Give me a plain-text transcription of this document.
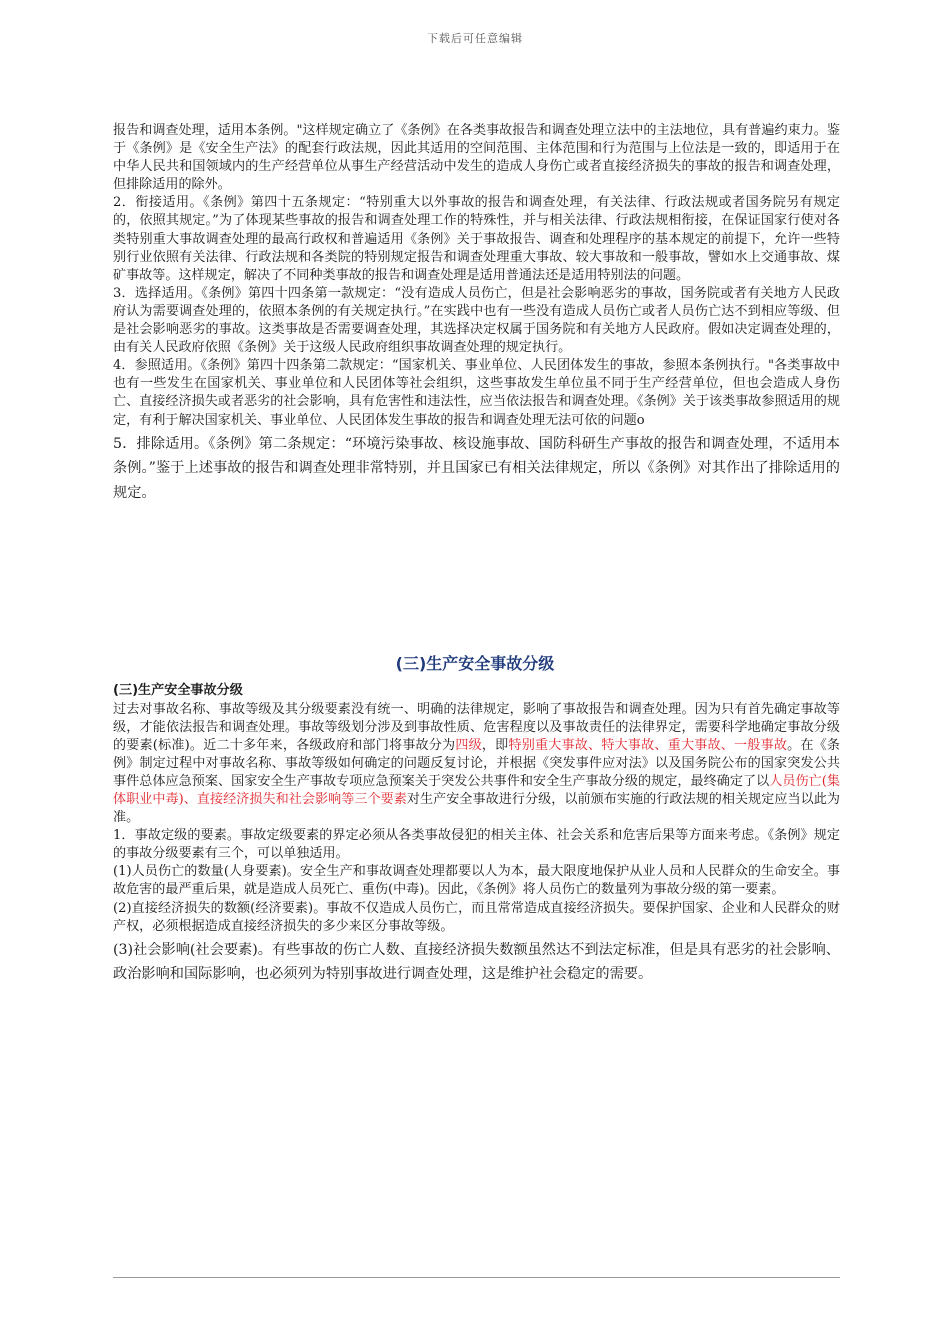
下载后可任意编辑

报告和调查处理，适用本条例。"这样规定确立了《条例》在各类事故报告和调查处理立法中的主法地位，具有普遍约束力。鉴于《条例》是《安全生产法》的配套行政法规，因此其适用的空间范围、主体范围和行为范围与上位法是一致的，即适用于在中华人民共和国领域内的生产经营单位从事生产经营活动中发生的造成人身伤亡或者直接经济损失的事故的报告和调查处理，但排除适用的除外。

2．衔接适用。《条例》第四十五条规定：“特别重大以外事故的报告和调查处理，有关法律、行政法规或者国务院另有规定的，依照其规定。”为了体现某些事故的报告和调查处理工作的特殊性，并与相关法律、行政法规相衔接，在保证国家行使对各类特别重大事故调查处理的最高行政权和普遍适用《条例》关于事故报告、调查和处理程序的基本规定的前提下，允许一些特别行业依照有关法律、行政法规和各类院的特别规定报告和调查处理重大事故、较大事故和一般事故，譬如水上交通事故、煤矿事故等。这样规定，解决了不同种类事故的报告和调查处理是适用普通法还是适用特别法的问题。

3．选择适用。《条例》第四十四条第一款规定：“没有造成人员伤亡，但是社会影响恶劣的事故，国务院或者有关地方人民政府认为需要调查处理的，依照本条例的有关规定执行。”在实践中也有一些没有造成人员伤亡或者人员伤亡达不到相应等级、但是社会影响恶劣的事故。这类事故是否需要调查处理，其选择决定权属于国务院和有关地方人民政府。假如决定调查处理的，由有关人民政府依照《条例》关于这级人民政府组织事故调查处理的规定执行。

4．参照适用。《条例》第四十四条第二款规定：“国家机关、事业单位、人民团体发生的事故，参照本条例执行。"各类事故中也有一些发生在国家机关、事业单位和人民团体等社会组织，这些事故发生单位虽不同于生产经营单位，但也会造成人身伤亡、直接经济损失或者恶劣的社会影响，具有危害性和违法性，应当依法报告和调查处理。《条例》关于该类事故参照适用的规定，有利于解决国家机关、事业单位、人民团体发生事故的报告和调查处理无法可依的问题o

5．排除适用。《条例》第二条规定：“环境污染事故、核设施事故、国防科研生产事故的报告和调查处理，不适用本条例。”鉴于上述事故的报告和调查处理非常特别，并且国家已有相关法律规定，所以《条例》对其作出了排除适用的规定。

(三)生产安全事故分级

(三)生产安全事故分级

过去对事故名称、事故等级及其分级要素没有统一、明确的法律规定，影响了事故报告和调查处理。因为只有首先确定事故等级，才能依法报告和调查处理。事故等级划分涉及到事故性质、危害程度以及事故责任的法律界定，需要科学地确定事故分级的要素(标准)。近二十多年来，各级政府和部门将事故分为四级，即特别重大事故、特大事故、重大事故、一般事故。在《条例》制定过程中对事故名称、事故等级如何确定的问题反复讨论，并根据《突发事件应对法》以及国务院公布的国家突发公共事件总体应急预案、国家安全生产事故专项应急预案关于突发公共事件和安全生产事故分级的规定，最终确定了以人员伤亡(集体职业中毒)、直接经济损失和社会影响等三个要素对生产安全事故进行分级，以前颁布实施的行政法规的相关规定应当以此为准。

1．事故定级的要素。事故定级要素的界定必须从各类事故侵犯的相关主体、社会关系和危害后果等方面来考虑。《条例》规定的事故分级要素有三个，可以单独适用。

(1)人员伤亡的数量(人身要素)。安全生产和事故调查处理都要以人为本，最大限度地保护从业人员和人民群众的生命安全。事故危害的最严重后果，就是造成人员死亡、重伤(中毒)。因此，《条例》将人员伤亡的数量列为事故分级的第一要素。

(2)直接经济损失的数额(经济要素)。事故不仅造成人员伤亡，而且常常造成直接经济损失。要保护国家、企业和人民群众的财产权，必须根据造成直接经济损失的多少来区分事故等级。

(3)社会影响(社会要素)。有些事故的伤亡人数、直接经济损失数额虽然达不到法定标准，但是具有恶劣的社会影响、政治影响和国际影响，也必须列为特别事故进行调查处理，这是维护社会稳定的需要。
